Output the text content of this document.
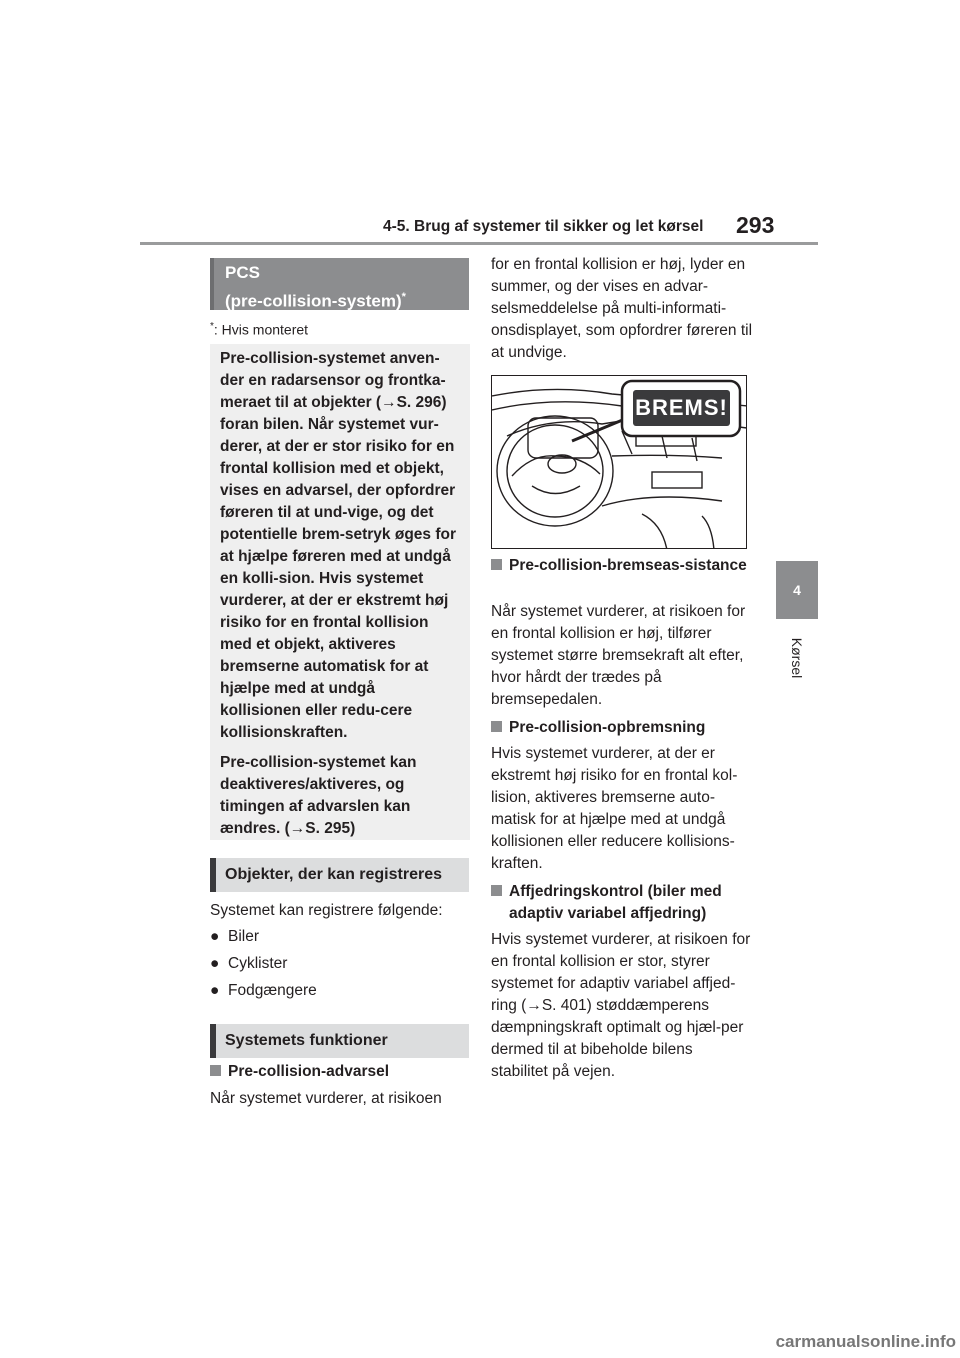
4-5. Brug af systemer til sikker og let kørsel 293
4
Kørsel
PCS
(pre-collision-system)*
*: Hvis monteret

Pre-collision-systemet anven-der en radarsensor og frontka-meraet til at objekter (→S. 296) foran bilen. Når systemet vur-derer, at der er stor risiko for en frontal kollision med et objekt, vises en advarsel, der opfordrer føreren til at und-vige, og det potentielle brem-setryk øges for at hjælpe føreren med at undgå en kolli-sion. Hvis systemet vurderer, at der er ekstremt høj risiko for en frontal kollision med et objekt, aktiveres bremserne automatisk for at hjælpe med at undgå kollisionen eller redu-cere kollisionskraften.

Pre-collision-systemet kan deaktiveres/aktiveres, og timingen af advarslen kan ændres. (→S. 295)

Objekter, der kan registreres
Systemet kan registrere følgende:
● Biler
● Cyklister
● Fodgængere
Systemets funktioner
Pre-collision-advarsel
Når systemet vurderer, at risikoen
for en frontal kollision er høj, lyder en summer, og der vises en advar-selsmeddelelse på multi-informati-onsdisplayet, som opfordrer føreren til at undvige.
BREMS!
Pre-collision-bremseas-sistance
Når systemet vurderer, at risikoen for en frontal kollision er høj, tilfører systemet større bremsekraft alt efter, hvor hårdt der trædes på bremsepedalen.
Pre-collision-opbremsning
Hvis systemet vurderer, at der er ekstremt høj risiko for en frontal kol-lision, aktiveres bremserne auto-matisk for at hjælpe med at undgå kollisionen eller reducere kollisions-kraften.
Affjedringskontrol (biler med adaptiv variabel affjedring)
Hvis systemet vurderer, at risikoen for en frontal kollision er stor, styrer systemet for adaptiv variabel affjed-ring (→S. 401) støddæmperens dæmpningskraft optimalt og hjæl-per dermed til at bibeholde bilens stabilitet på vejen.
carmanualsonline.info
